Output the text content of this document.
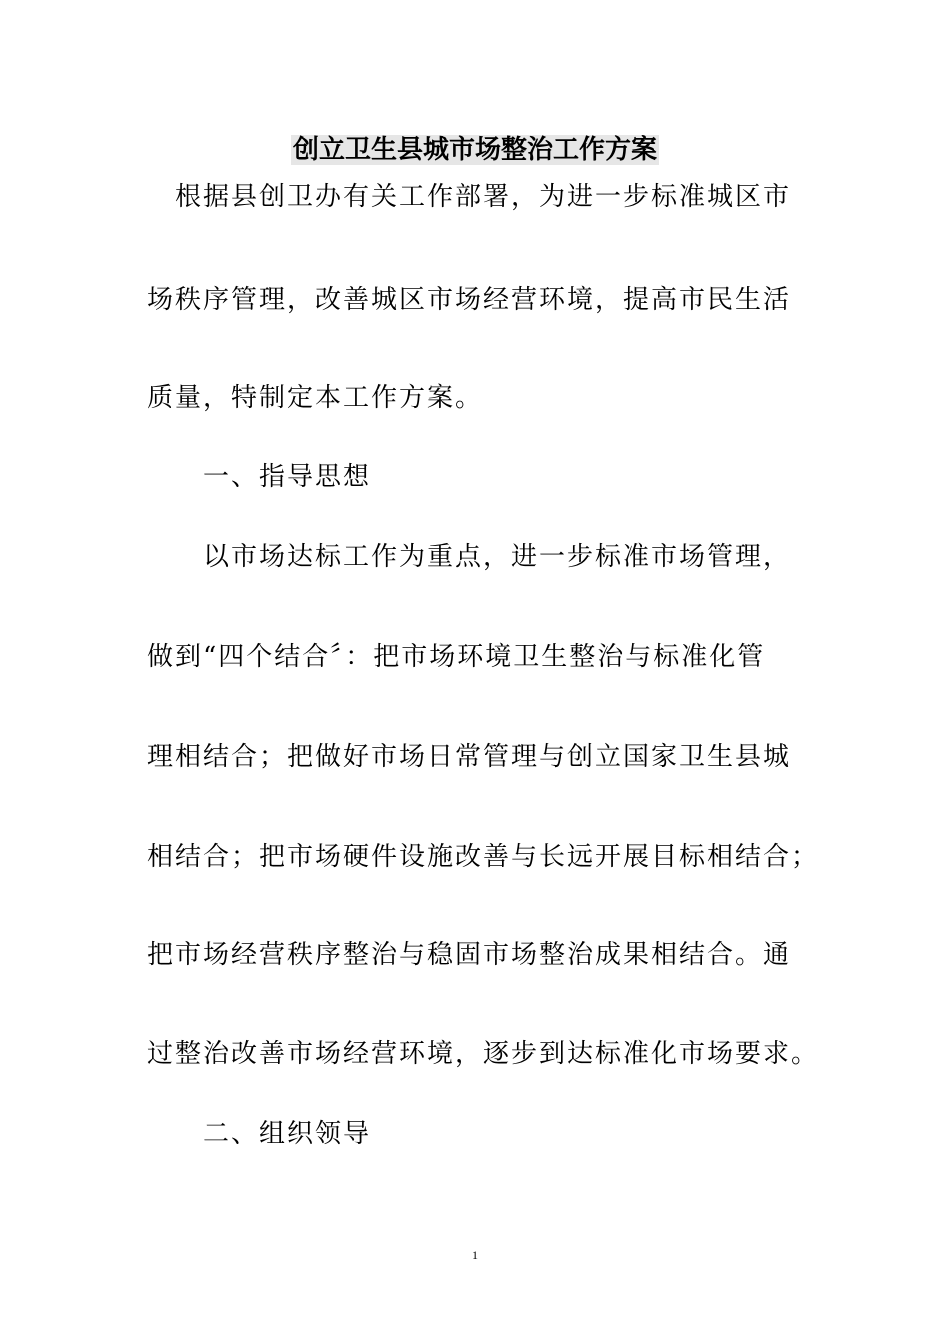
创立卫生县城市场整治工作方案
根据县创卫办有关工作部署，为进一步标准城区市
场秩序管理，改善城区市场经营环境，提高市民生活
质量，特制定本工作方案。
一、指导思想
以市场达标工作为重点，进一步标准市场管理，
做到“四个结合〞：把市场环境卫生整治与标准化管
理相结合；把做好市场日常管理与创立国家卫生县城
相结合；把市场硬件设施改善与长远开展目标相结合；
把市场经营秩序整治与稳固市场整治成果相结合。通
过整治改善市场经营环境，逐步到达标准化市场要求。
二、组织领导
1
